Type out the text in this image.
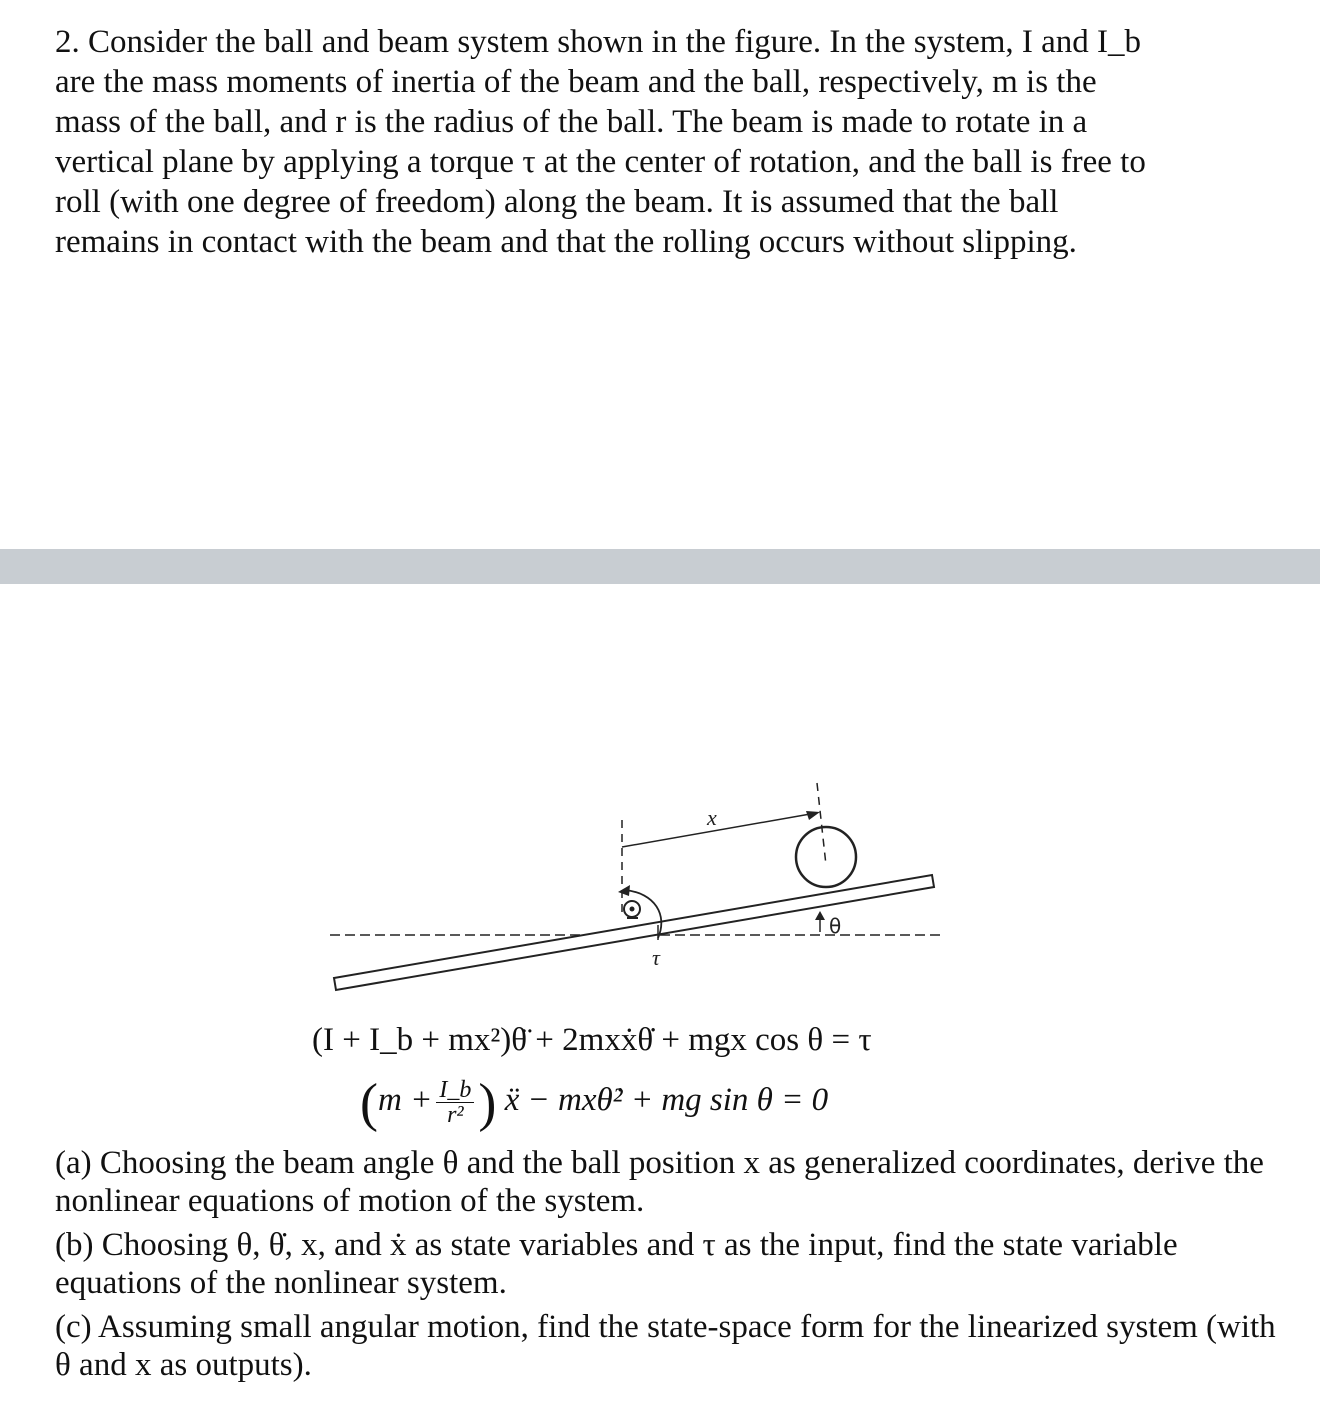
2. Consider the ball and beam system shown in the figure. In the system, I and I_b

are the mass moments of inertia of the beam and the ball, respectively, m is the

mass of the ball, and r is the radius of the ball. The beam is made to rotate in a

vertical plane by applying a torque τ at the center of rotation, and the ball is free to

roll (with one degree of freedom) along the beam. It is assumed that the ball

remains in contact with the beam and that the rolling occurs without slipping.

x
τ
θ
(I + I_b + mx²)θ̈ + 2mxẋθ̇ + mgx cos θ = τ
($m + \frac{I\_b}{\text{r²}}$ ) ẍ − mxθ̇² + mg sin θ = 0

(a) Choosing the beam angle θ and the ball position x as generalized coordinates, derive the nonlinear equations of motion of the system.

(b) Choosing θ, θ̇, x, and ẋ as state variables and τ as the input, find the state variable equations of the nonlinear system.

(c) Assuming small angular motion, find the state-space form for the linearized system (with θ and x as outputs).
